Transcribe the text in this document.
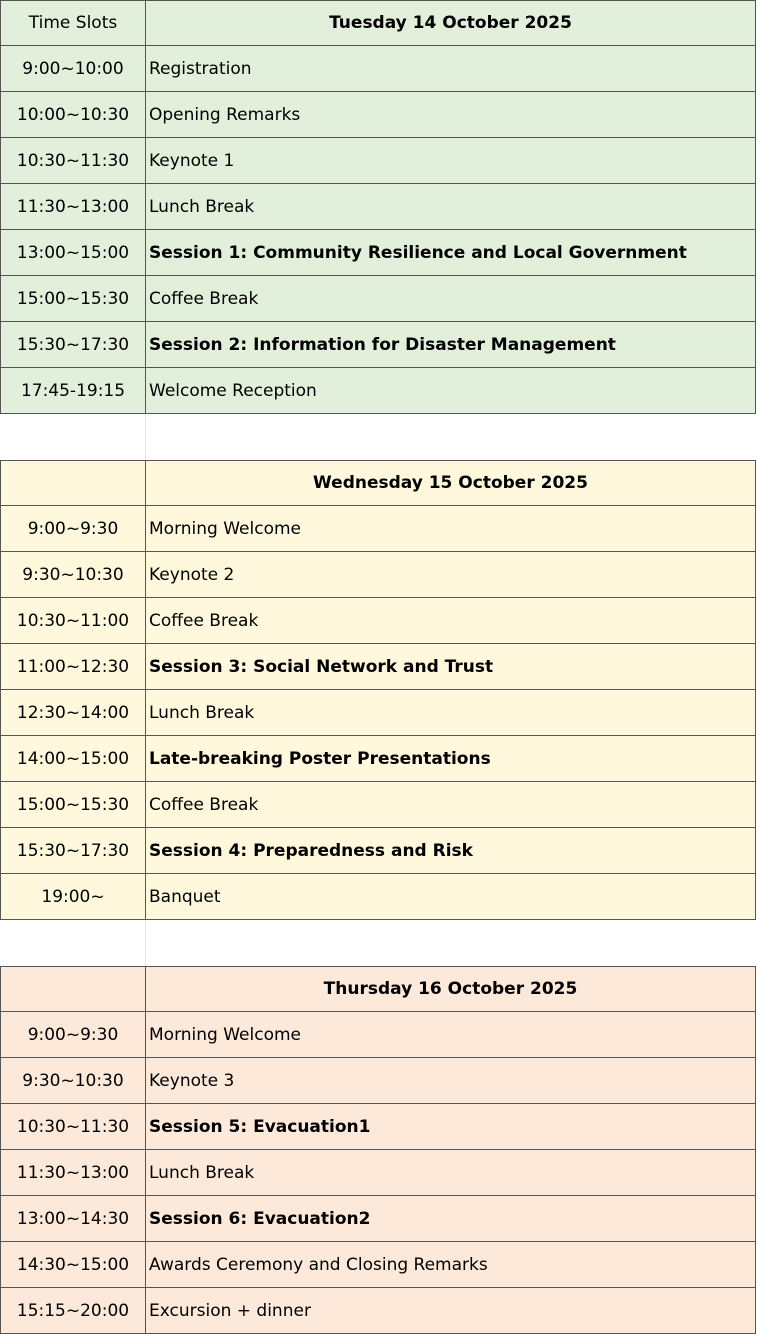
Time Slots	Tuesday 14 October 2025
9:00~10:00	Registration
10:00~10:30	Opening Remarks
10:30~11:30	Keynote 1
11:30~13:00	Lunch Break
13:00~15:00	Session 1: Community Resilience and Local Government
15:00~15:30	Coffee Break
15:30~17:30	Session 2: Information for Disaster Management
17:45-19:15	Welcome Reception
Wednesday 15 October 2025
9:00~9:30	Morning Welcome
9:30~10:30	Keynote 2
10:30~11:00	Coffee Break
11:00~12:30	Session 3: Social Network and Trust
12:30~14:00	Lunch Break
14:00~15:00	Late-breaking Poster Presentations
15:00~15:30	Coffee Break
15:30~17:30	Session 4: Preparedness and Risk
19:00~	Banquet
Thursday 16 October 2025
9:00~9:30	Morning Welcome
9:30~10:30	Keynote 3
10:30~11:30	Session 5: Evacuation1
11:30~13:00	Lunch Break
13:00~14:30	Session 6: Evacuation2
14:30~15:00	Awards Ceremony and Closing Remarks
15:15~20:00	Excursion + dinner
